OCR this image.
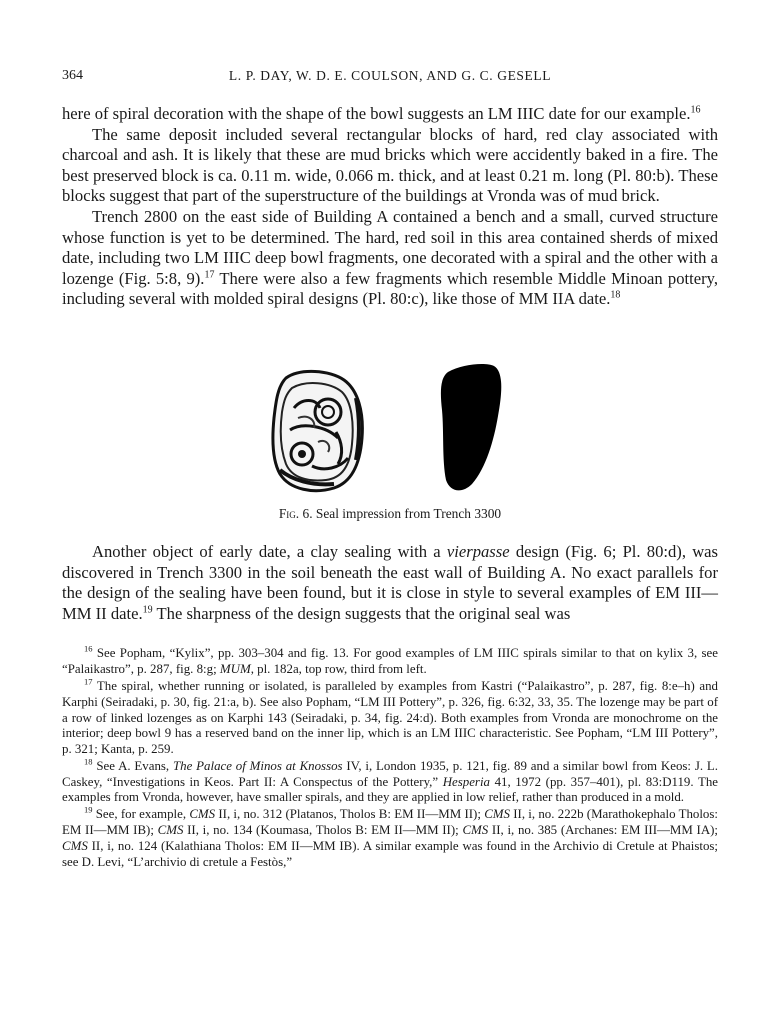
364	L. P. DAY, W. D. E. COULSON, AND G. C. GESELL

here of spiral decoration with the shape of the bowl suggests an LM IIIC date for our example.$^{16}$

The same deposit included several rectangular blocks of hard, red clay associated with charcoal and ash. It is likely that these are mud bricks which were accidently baked in a fire. The best preserved block is ca. 0.11 m. wide, 0.066 m. thick, and at least 0.21 m. long (Pl. 80:b). These blocks suggest that part of the superstructure of the buildings at Vronda was of mud brick.

Trench 2800 on the east side of Building A contained a bench and a small, curved structure whose function is yet to be determined. The hard, red soil in this area contained sherds of mixed date, including two LM IIIC deep bowl fragments, one decorated with a spiral and the other with a lozenge (Fig. 5:8, 9).$^{17}$ There were also a few fragments which resemble Middle Minoan pottery, including several with molded spiral designs (Pl. 80:c), like those of MM IIA date.$^{18}$

Fig. 6. Seal impression from Trench 3300

Another object of early date, a clay sealing with a vierpasse design (Fig. 6; Pl. 80:d), was discovered in Trench 3300 in the soil beneath the east wall of Building A. No exact parallels for the design of the sealing have been found, but it is close in style to several examples of EM III—MM II date.$^{19}$ The sharpness of the design suggests that the original seal was

$^{16}$ See Popham, “Kylix”, pp. 303–304 and fig. 13. For good examples of LM IIIC spirals similar to that on kylix 3, see “Palaikastro”, p. 287, fig. 8:g; MUM, pl. 182a, top row, third from left.

$^{17}$ The spiral, whether running or isolated, is paralleled by examples from Kastri (“Palaikastro”, p. 287, fig. 8:e–h) and Karphi (Seiradaki, p. 30, fig. 21:a, b). See also Popham, “LM III Pottery”, p. 326, fig. 6:32, 33, 35. The lozenge may be part of a row of linked lozenges as on Karphi 143 (Seiradaki, p. 34, fig. 24:d). Both examples from Vronda are monochrome on the interior; deep bowl 9 has a reserved band on the inner lip, which is an LM IIIC characteristic. See Popham, “LM III Pottery”, p. 321; Kanta, p. 259.

$^{18}$ See A. Evans, The Palace of Minos at Knossos IV, i, London 1935, p. 121, fig. 89 and a similar bowl from Keos: J. L. Caskey, “Investigations in Keos. Part II: A Conspectus of the Pottery,” Hesperia 41, 1972 (pp. 357–401), pl. 83:D119. The examples from Vronda, however, have smaller spirals, and they are applied in low relief, rather than produced in a mold.

$^{19}$ See, for example, CMS II, i, no. 312 (Platanos, Tholos B: EM II—MM II); CMS II, i, no. 222b (Marathokephalo Tholos: EM II—MM IB); CMS II, i, no. 134 (Koumasa, Tholos B: EM II—MM II); CMS II, i, no. 385 (Archanes: EM III—MM IA); CMS II, i, no. 124 (Kalathiana Tholos: EM II—MM IB). A similar example was found in the Archivio di Cretule at Phaistos; see D. Levi, “L’archivio di cretule a Festòs,”
